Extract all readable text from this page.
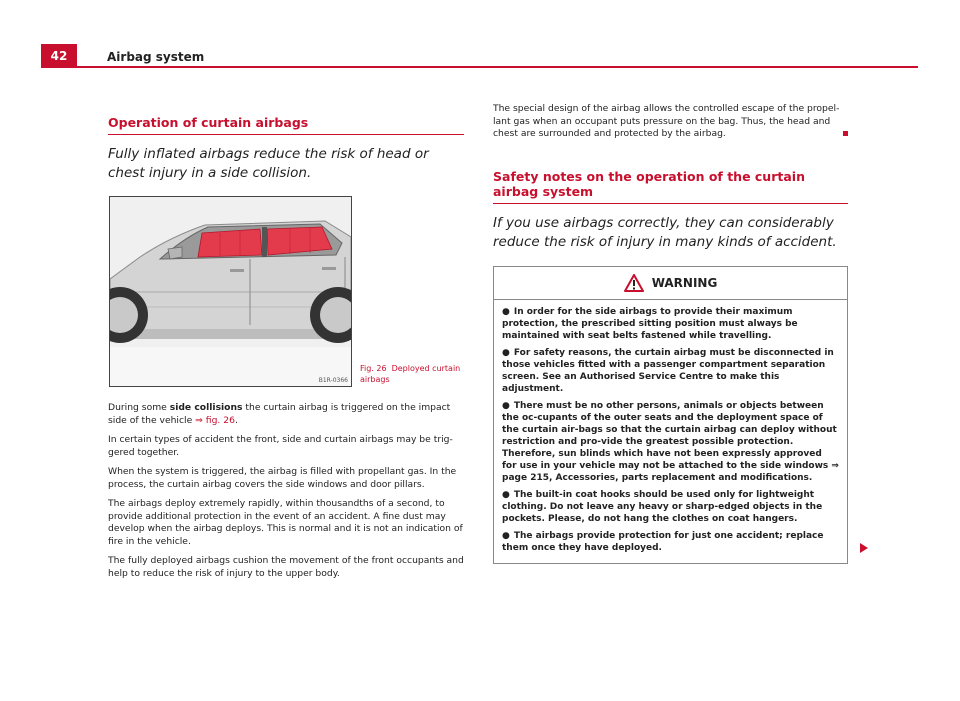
42	Airbag system
Operation of curtain airbags
Fully inflated airbags reduce the risk of head or chest injury in a side collision.
B1R-0366
Fig. 26 Deployed curtain airbags

During some side collisions the curtain airbag is triggered on the impact side of the vehicle ⇒ fig. 26.

In certain types of accident the front, side and curtain airbags may be trig-gered together.

When the system is triggered, the airbag is filled with propellant gas. In the process, the curtain airbag covers the side windows and door pillars.

The airbags deploy extremely rapidly, within thousandths of a second, to provide additional protection in the event of an accident. A fine dust may develop when the airbag deploys. This is normal and it is not an indication of fire in the vehicle.

The fully deployed airbags cushion the movement of the front occupants and help to reduce the risk of injury to the upper body.

The special design of the airbag allows the controlled escape of the propel-lant gas when an occupant puts pressure on the bag. Thus, the head and chest are surrounded and protected by the airbag.

Safety notes on the operation of the curtain airbag system
If you use airbags correctly, they can considerably reduce the risk of injury in many kinds of accident.
WARNING

● In order for the side airbags to provide their maximum protection, the prescribed sitting position must always be maintained with seat belts fastened while travelling.

● For safety reasons, the curtain airbag must be disconnected in those vehicles fitted with a passenger compartment separation screen. See an Authorised Service Centre to make this adjustment.

● There must be no other persons, animals or objects between the oc-cupants of the outer seats and the deployment space of the curtain air-bags so that the curtain airbag can deploy without restriction and pro-vide the greatest possible protection. Therefore, sun blinds which have not been expressly approved for use in your vehicle may not be attached to the side windows ⇒ page 215, Accessories, parts replacement and modifications.

● The built-in coat hooks should be used only for lightweight clothing. Do not leave any heavy or sharp-edged objects in the pockets. Please, do not hang the clothes on coat hangers.

● The airbags provide protection for just one accident; replace them once they have deployed.
